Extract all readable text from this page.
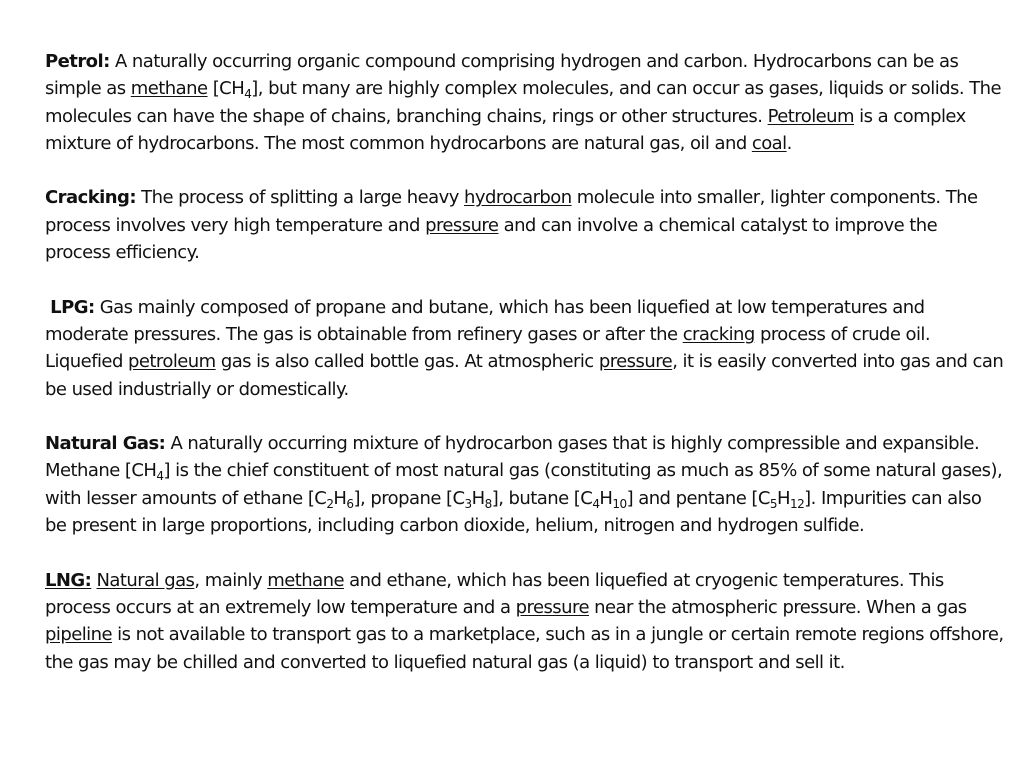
Petrol: A naturally occurring organic compound comprising hydrogen and carbon. Hydrocarbons can be as simple as methane $[CH_4]$, but many are highly complex molecules, and can occur as gases, liquids or solids. The molecules can have the shape of chains, branching chains, rings or other structures. Petroleum is a complex mixture of hydrocarbons. The most common hydrocarbons are natural gas, oil and coal.

Cracking: The process of splitting a large heavy hydrocarbon molecule into smaller, lighter components. The process involves very high temperature and pressure and can involve a chemical catalyst to improve the process efficiency.

LPG: Gas mainly composed of propane and butane, which has been liquefied at low temperatures and moderate pressures. The gas is obtainable from refinery gases or after the cracking process of crude oil.

Liquefied petroleum gas is also called bottle gas. At atmospheric pressure, it is easily converted into gas and can be used industrially or domestically.

Natural Gas: A naturally occurring mixture of hydrocarbon gases that is highly compressible and expansible. Methane $[CH_4]$ is the chief constituent of most natural gas (constituting as much as 85% of some natural gases), with lesser amounts of ethane $[C_2H_6]$, propane $[C_3H_8]$, butane $[C_4H_{10}]$ and pentane $[C_5H_{12}]$. Impurities can also be present in large proportions, including carbon dioxide, helium, nitrogen and hydrogen sulfide.

LNG: Natural gas, mainly methane and ethane, which has been liquefied at cryogenic temperatures. This process occurs at an extremely low temperature and a pressure near the atmospheric pressure. When a gas pipeline is not available to transport gas to a marketplace, such as in a jungle or certain remote regions offshore, the gas may be chilled and converted to liquefied natural gas (a liquid) to transport and sell it.
